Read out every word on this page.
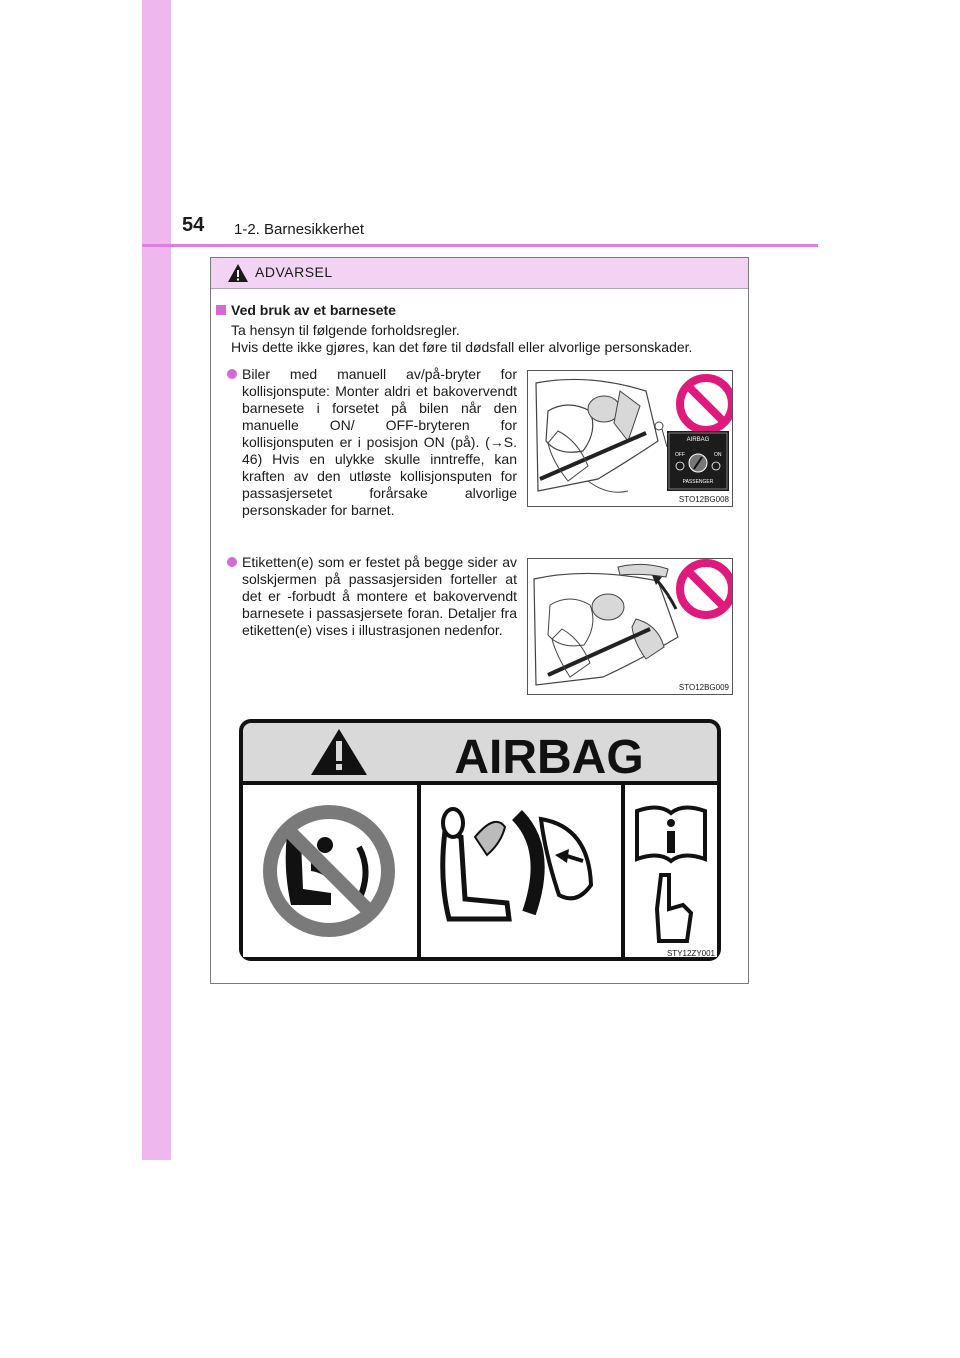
54 1-2. Barnesikkerhet
ADVARSEL
Ved bruk av et barnesete
Ta hensyn til følgende forholdsregler.
Hvis dette ikke gjøres, kan det føre til dødsfall eller alvorlige personskader.
Biler med manuell av/på-bryter for kollisjonspute: Monter aldri et bakovervendt barnesete i forsetet på bilen når den manuelle ON/ OFF-bryteren for kollisjonsputen er i posisjon ON (på). (→S. 46) Hvis en ulykke skulle inntreffe, kan kraften av den utløste kollisjonsputen for passasjersetet forårsake alvorlige personskader for barnet.
AIRBAG
OFF	ON
PASSENGER
STO12BG008
Etiketten(e) som er festet på begge sider av solskjermen på passasjersiden forteller at det er -forbudt å montere et bakovervendt barnesete i passasjersete foran. Detaljer fra etiketten(e) vises i illustrasjonen nedenfor.
STO12BG009
AIRBAG
STY12ZY001
